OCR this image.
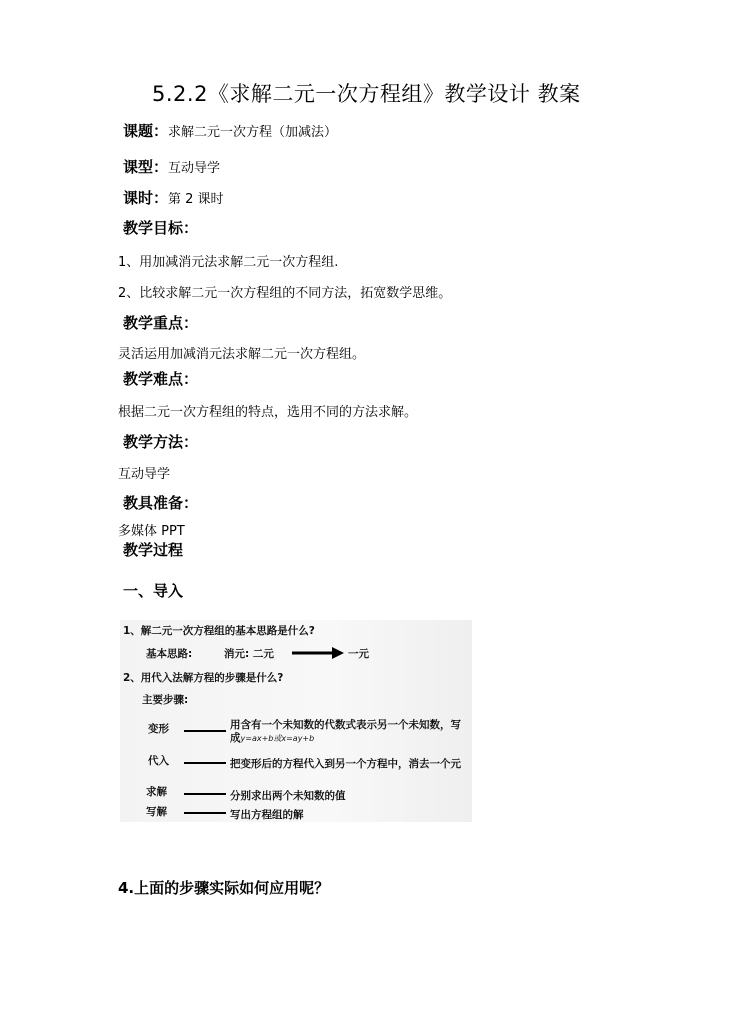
5.2.2《求解二元一次方程组》教学设计 教案
课题：求解二元一次方程（加减法）
课型：互动导学
课时：第 2 课时
教学目标：
1、用加减消元法求解二元一次方程组.
2、比较求解二元一次方程组的不同方法，拓宽数学思维。
教学重点：
灵活运用加减消元法求解二元一次方程组。
教学难点：
根据二元一次方程组的特点，选用不同的方法求解。
教学方法：
互动导学
教具准备：
多媒体 PPT
教学过程
一、导入
1、解二元一次方程组的基本思路是什么?
基本思路:	消元: 二元	一元
2、用代入法解方程的步骤是什么?
主要步骤:
变形	用含有一个未知数的代数式表示另一个未知数，写
成y=ax+b或x=ay+b
代入	把变形后的方程代入到另一个方程中，消去一个元
求解	分别求出两个未知数的值
写解	写出方程组的解
4.上面的步骤实际如何应用呢？
